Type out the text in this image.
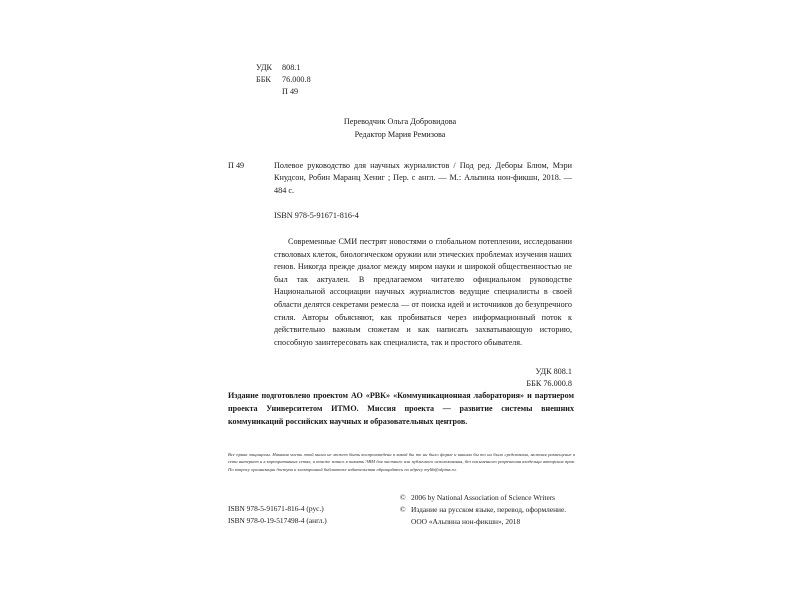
УДК	808.1
ББК	76.000.8
П 49
Переводчик Ольга Добровидова
Редактор Мария Ремизова
П 49	Полевое руководство для научных журналистов / Под ред. Деборы Блюм, Мэри Кнудсон, Робин Маранц Хениг ; Пер. с англ. — М.: Альпина нон-фикшн, 2018. — 484 с.
ISBN 978-5-91671-816-4
Современные СМИ пестрят новостями о глобальном потеплении, исследовании стволовых клеток, биологическом оружии или этических проблемах изучения наших генов. Никогда прежде диалог между миром науки и широкой общественностью не был так актуален. В предлагаемом читателю официальном руководстве Национальной ассоциации научных журналистов ведущие специалисты в своей области делятся секретами ремесла — от поиска идей и источников до безупречного стиля. Авторы объясняют, как пробиваться через информационный поток к действительно важным сюжетам и как написать захватывающую историю, способную заинтересовать как специалиста, так и простого обывателя.
УДК 808.1
ББК 76.000.8
Издание подготовлено проектом АО «РВК» «Коммуникационная лаборатория» и партнером проекта Университетом ИТМО. Миссия проекта — развитие системы внешних коммуникаций российских научных и образовательных центров.
Все права защищены. Никакая часть этой книги не может быть воспроизведена в какой бы то ни было форме и какими бы то ни было средствами, включая размещение в сети интернет и в корпоративных сетях, а также запись в память ЭВМ для частного или публичного использования, без письменного разрешения владельца авторских прав. По вопросу организации доступа к электронной библиотеке издательства обращайтесь по адресу mylib@alpina.ru.
ISBN 978-5-91671-816-4 (рус.)
ISBN 978-0-19-517498-4 (англ.)
© 2006 by National Association of Science Writers
© Издание на русском языке, перевод, оформление.
ООО «Альпина нон-фикшн», 2018
